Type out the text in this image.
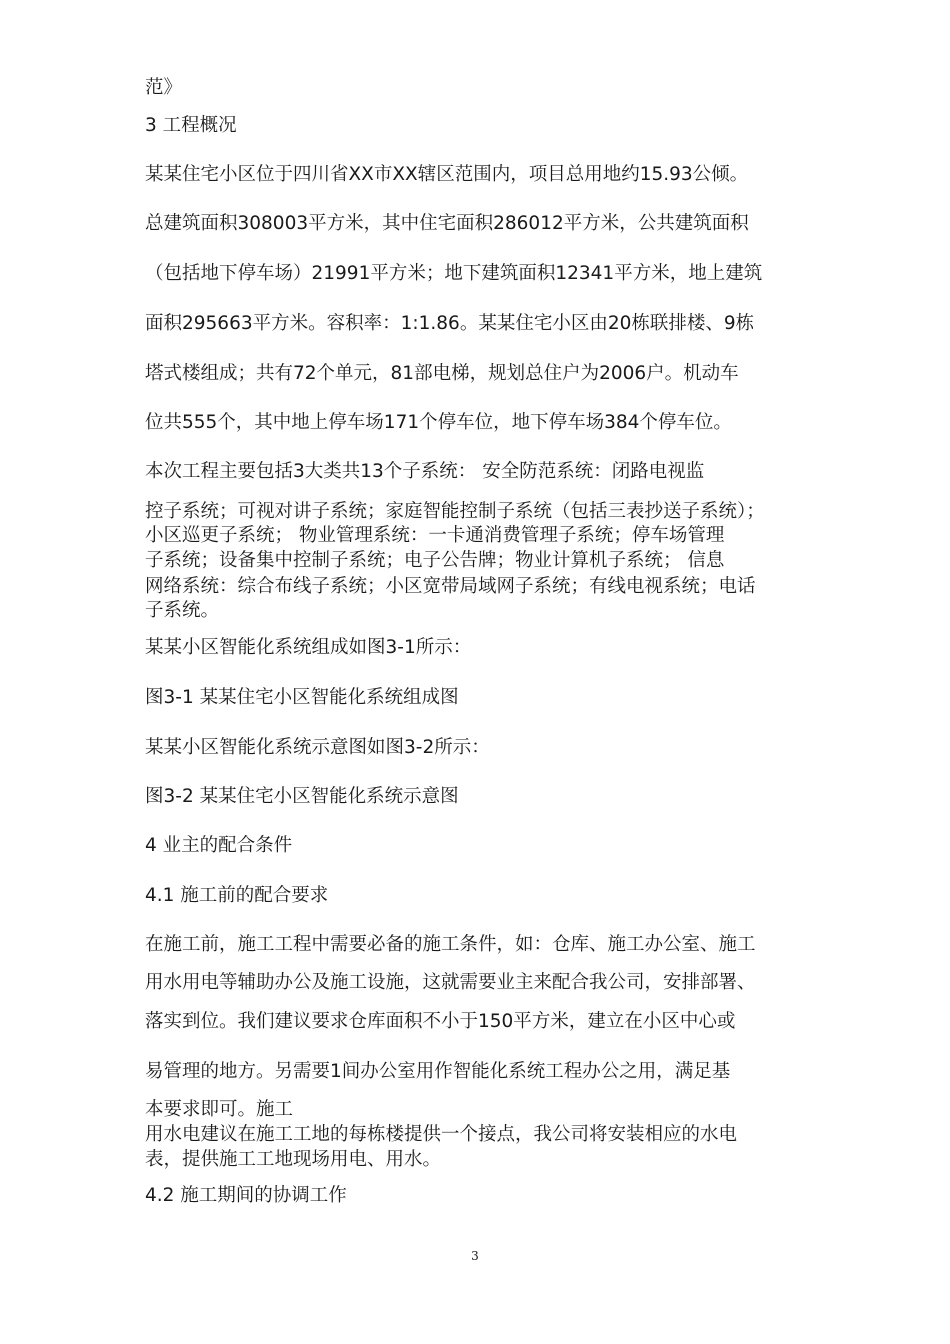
范》
3 工程概况
某某住宅小区位于四川省XX市XX辖区范围内，项目总用地约15.93公倾。
总建筑面积308003平方米，其中住宅面积286012平方米，公共建筑面积
（包括地下停车场）21991平方米；地下建筑面积12341平方米，地上建筑
面积295663平方米。容积率：1:1.86。某某住宅小区由20栋联排楼、9栋
塔式楼组成；共有72个单元，81部电梯，规划总住户为2006户。机动车
位共555个，其中地上停车场171个停车位，地下停车场384个停车位。
本次工程主要包括3大类共13个子系统： 安全防范系统：闭路电视监
控子系统；可视对讲子系统；家庭智能控制子系统（包括三表抄送子系统）；
小区巡更子系统； 物业管理系统：一卡通消费管理子系统；停车场管理
子系统；设备集中控制子系统；电子公告牌；物业计算机子系统； 信息
网络系统：综合布线子系统；小区宽带局域网子系统；有线电视系统；电话
子系统。
某某小区智能化系统组成如图3-1所示：
图3-1 某某住宅小区智能化系统组成图
某某小区智能化系统示意图如图3-2所示：
图3-2 某某住宅小区智能化系统示意图
4 业主的配合条件
4.1 施工前的配合要求
在施工前，施工工程中需要必备的施工条件，如：仓库、施工办公室、施工
用水用电等辅助办公及施工设施，这就需要业主来配合我公司，安排部署、
落实到位。我们建议要求仓库面积不小于150平方米，建立在小区中心或
易管理的地方。另需要1间办公室用作智能化系统工程办公之用，满足基
本要求即可。施工
用水电建议在施工工地的每栋楼提供一个接点，我公司将安装相应的水电
表，提供施工工地现场用电、用水。
4.2 施工期间的协调工作
3
